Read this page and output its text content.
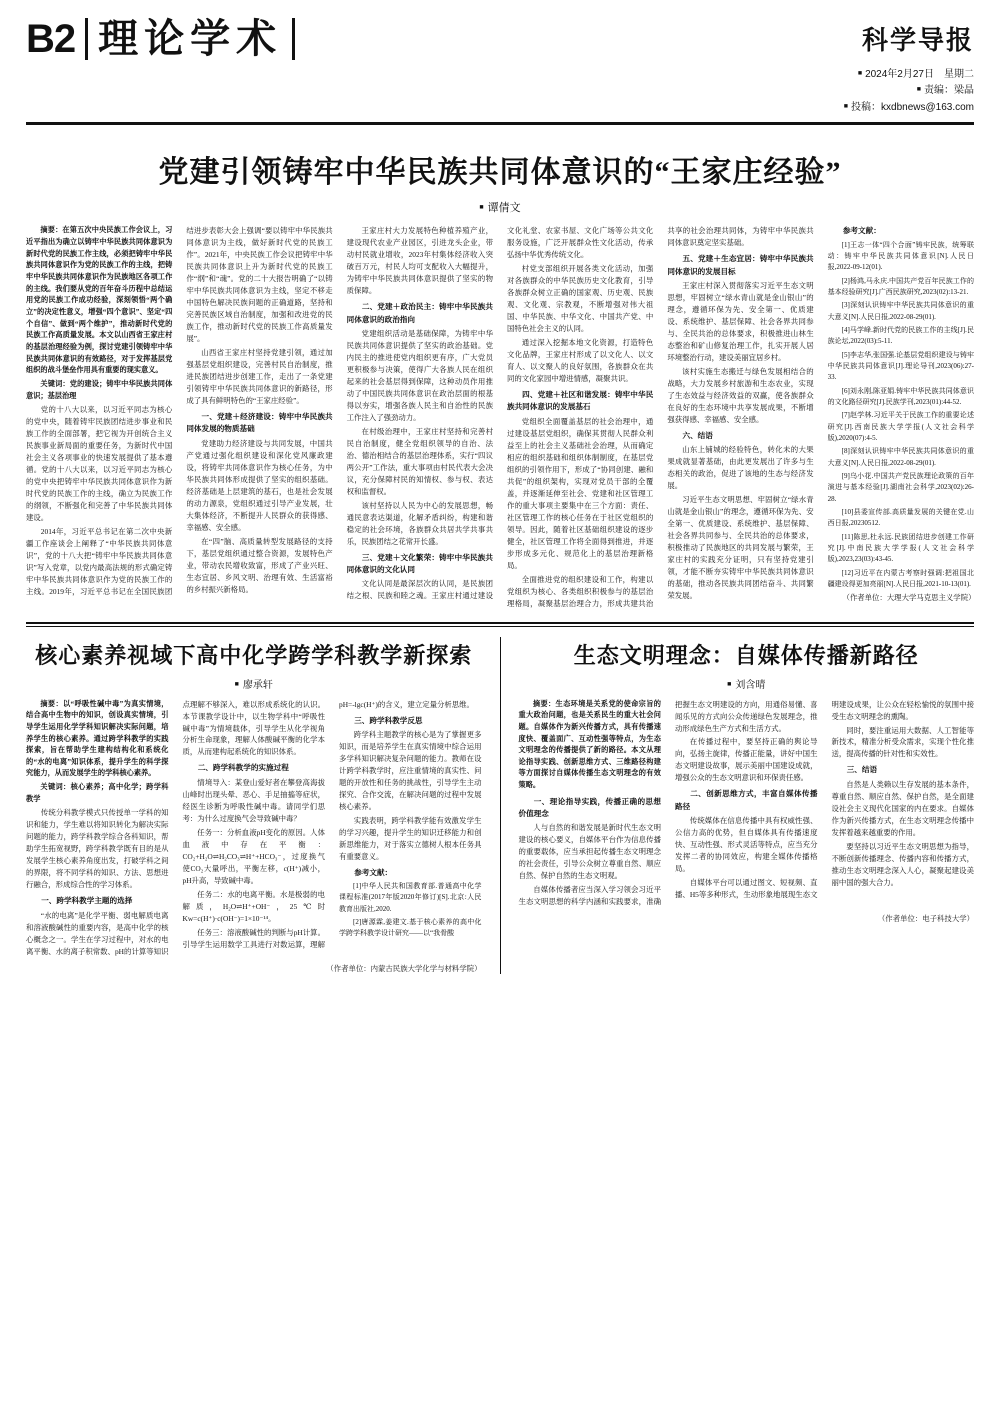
B2 理论学术	科学导报
■ 2024年2月27日　星期二
■ 责编：梁晶
■ 投稿：kxdbnews@163.com
党建引领铸牢中华民族共同体意识的“王家庄经验”
■ 谭倩文

摘要：在第五次中央民族工作会议上，习近平指出为确立以铸牢中华民族共同体意识为新时代党的民族工作主线，必须把铸牢中华民族共同体意识作为党的民族工作的主线，把铸牢中华民族共同体意识作为民族地区各项工作的主线。我们要从党的百年奋斗历程中总结运用党的民族工作成功经验，深刻领悟“两个确立”的决定性意义，增强“四个意识”、坚定“四个自信”、做到“两个维护”，推动新时代党的民族工作高质量发展。本文以山西省王家庄村的基层治理经验为例，探讨党建引领铸牢中华民族共同体意识的有效路径，对于发挥基层党组织的战斗堡垒作用具有重要的现实意义。

关键词：党的建设；铸牢中华民族共同体意识；基层治理

党的十八大以来，以习近平同志为核心的党中央，随着铸牢民族团结进步事业和民族工作的全面部署，把它视为开创统合主义民族事业新局面的重要任务，为新时代中国社会主义各项事业的快速发展提供了基本遵循。党的十八大以来，以习近平同志为核心的党中央把铸牢中华民族共同体意识作为新时代党的民族工作的主线，确立为民族工作的纲领，不断强化和完善了中华民族共同体建设。

2014年，习近平总书记在第二次中央新疆工作座谈会上阐释了“中华民族共同体意识”，党的十八大把“铸牢中华民族共同体意识”写入党章，以党内最高法规的形式确定铸牢中华民族共同体意识作为党的民族工作的主线。2019年，习近平总书记在全国民族团结进步表彰大会上强调“要以铸牢中华民族共同体意识为主线，做好新时代党的民族工作”。2021年，中央民族工作会议把铸牢中华民族共同体意识上升为新时代党的民族工作“纲”和“魂”。党的二十大报告明确了“以铸牢中华民族共同体意识为主线，坚定不移走中国特色解决民族问题的正确道路，坚持和完善民族区域自治制度，加强和改进党的民族工作，推动新时代党的民族工作高质量发展”。

山西省王家庄村坚持党建引领，通过加强基层党组织建设，完善村民自治制度，推进民族团结进步创建工作，走出了一条党建引领铸牢中华民族共同体意识的新路径，形成了具有鲜明特色的“王家庄经验”。

一、党建＋经济建设：铸牢中华民族共同体发展的物质基础

党建助力经济建设与共同发展，中国共产党通过强化组织建设和深化党风廉政建设，将铸牢共同体意识作为核心任务，为中华民族共同体形成提供了坚实的组织基础。经济基础是上层建筑的基石，也是社会发展的动力源泉，党组织通过引导产业发展，壮大集体经济，不断提升人民群众的获得感、幸福感、安全感。

在“四”脑、高质量转型发展路径的支持下，基层党组织通过整合资源，发展特色产业，带动农民增收致富，形成了产业兴旺、生态宜居、乡风文明、治理有效、生活富裕的乡村振兴新格局。

王家庄村大力发展特色种植养殖产业，建设现代农业产业园区，引进龙头企业，带动村民就业增收，2023年村集体经济收入突破百万元，村民人均可支配收入大幅提升，为铸牢中华民族共同体意识提供了坚实的物质保障。

二、党建＋政治民主：铸牢中华民族共同体意识的政治指向

党建组织活动是基础保障，为铸牢中华民族共同体意识提供了坚实的政治基础。党内民主的推进使党内组织更有序，广大党员更积极参与决策，使得广大各族人民在组织起来的社会基层得到保障，这种动员作用推动了中国民族共同体意识在政治层面的根基得以夯实，增强各族人民主和自治性的民族工作注入了强劲动力。

在村级治理中，王家庄村坚持和完善村民自治制度，健全党组织领导的自治、法治、德治相结合的基层治理体系，实行“四议两公开”工作法，重大事项由村民代表大会决议，充分保障村民的知情权、参与权、表达权和监督权。

该村坚持以人民为中心的发展思想，畅通民意表达渠道，化解矛盾纠纷，构建和谐稳定的社会环境，各族群众共居共学共事共乐，民族团结之花常开长盛。

三、党建＋文化繁荣：铸牢中华民族共同体意识的文化认同

文化认同是最深层次的认同，是民族团结之根、民族和睦之魂。王家庄村通过建设文化礼堂、农家书屋、文化广场等公共文化服务设施，广泛开展群众性文化活动，传承弘扬中华优秀传统文化。

村党支部组织开展各类文化活动，加强对各族群众的中华民族历史文化教育，引导各族群众树立正确的国家观、历史观、民族观、文化观、宗教观，不断增强对伟大祖国、中华民族、中华文化、中国共产党、中国特色社会主义的认同。

通过深入挖掘本地文化资源，打造特色文化品牌，王家庄村形成了以文化人、以文育人、以文聚人的良好氛围，各族群众在共同的文化家园中增进情感，凝聚共识。

四、党建＋社区和谐发展：铸牢中华民族共同体意识的发展基石

党组织全面覆盖基层的社会治理中，通过建设基层党组织，确保其贯彻人民群众利益至上的社会主义基础社会治理，从而确定相应的组织基础和组织体制制度，在基层党组织的引领作用下，形成了“协同创建、融和共促”的组织架构，实现对党员干部的全覆盖，并逐渐延伸至社会、党建和社区管理工作的重大事项主要集中在三个方面：责任、社区管理工作的核心任务在于社区党组织的领导。因此，随着社区基础组织建设的逐步健全，社区管理工作将全面得到推进，并逐步形成多元化、规范化上的基层治理新格局。

全面推进党的组织建设和工作，构建以党组织为核心、各类组织积极参与的基层治理格局，凝聚基层治理合力，形成共建共治共享的社会治理共同体，为铸牢中华民族共同体意识奠定坚实基础。

五、党建＋生态宜居：铸牢中华民族共同体意识的发展目标

王家庄村深入贯彻落实习近平生态文明思想，牢固树立“绿水青山就是金山银山”的理念，遵循环保为先、安全第一、优质建设、系统维护、基层保障、社会各界共同参与、全民共治的总体要求，积极推进山林生态整治和矿山修复治理工作，扎实开展人居环境整治行动，建设美丽宜居乡村。

该村实施生态搬迁与绿色发展相结合的战略，大力发展乡村旅游和生态农业，实现了生态效益与经济效益的双赢，使各族群众在良好的生态环境中共享发展成果，不断增强获得感、幸福感、安全感。

六、结语

山东上铺城的经验特色，转化未的大果果成就显著基础，由此更发展出了许多与生态相关的政治，促进了该地的生态与经济发展。

习近平生态文明思想、牢固树立“绿水青山就是金山银山”的理念，遵循环保为先、安全第一、优质建设、系统维护、基层保障、社会各界共同参与、全民共治的总体要求，积极推动了民族地区的共同发展与繁荣，王家庄村的实践充分证明，只有坚持党建引领，才能不断夯实铸牢中华民族共同体意识的基础，推动各民族共同团结奋斗、共同繁荣发展。

参考文献：

[1]王志一体“四个合面”铸牢民族，统筹联动：铸牢中华民族共同体意识[N].人民日报,2022-09-12(01).

[2]杨鸿,马永庆.中国共产党百年民族工作的基本经验研究[J].广西民族研究,2023(02):13-21.

[3]深刻认识铸牢中华民族共同体意识的重大意义[N].人民日报,2022-08-29(01).

[4]马学峰.新时代党的民族工作的主线[J].民族论坛,2022(03):5-11.

[5]李志华,张国强.论基层党组织建设与铸牢中华民族共同体意识[J].理论导刊,2023(06):27-33.

[6]刘永刚,陈亚娟.铸牢中华民族共同体意识的文化路径研究[J].民族学刊,2023(01):44-52.

[7]赵学林.习近平关于民族工作的重要论述研究[J].西南民族大学学报(人文社会科学版),2020(07):4-5.

[8]深刻认识铸牢中华民族共同体意识的重大意义[N].人民日报,2022-08-29(01).

[9]乌小花.中国共产党民族理论政策的百年演进与基本经验[J].湖南社会科学,2023(02):26-28.

[10]县委宣传部.高质量发展的关键在党.山西日报,20230512.

[11]陈思,杜永远.民族团结进步创建工作研究[J].中南民族大学学报(人文社会科学版),2023,23(03):43-45.

[12]习近平在内蒙古考察时强调:把祖国北疆建设得更加亮丽[N].人民日报,2021-10-13(01).

（作者单位：大理大学马克思主义学院）

核心素养视域下高中化学跨学科教学新探索
■ 廖承轩

摘要：以“呼吸性碱中毒”为真实情境，结合高中生物中的知识，创设真实情境，引导学生运用化学学科知识解决实际问题，培养学生的核心素养。通过跨学科教学的实践探索，旨在帮助学生建构结构化和系统化的“水的电离”知识体系，提升学生的科学探究能力，从而发展学生的学科核心素养。

关键词：核心素养；高中化学；跨学科教学

传统分科教学模式只传授单一学科的知识和能力，学生难以将知识转化为解决实际问题的能力，跨学科教学综合各科知识，帮助学生拓宽视野，跨学科教学既有目的是从发展学生核心素养角度出发，打破学科之间的界限，将不同学科的知识、方法、思想进行融合，形成综合性的学习体系。

一、跨学科教学主题的选择

“水的电离”是化学平衡、弱电解质电离和溶液酸碱性的重要内容，是高中化学的核心概念之一。学生在学习过程中，对水的电离平衡、水的离子积常数、pH的计算等知识点理解不够深入，难以形成系统化的认识。本节课教学设计中，以生物学科中“呼吸性碱中毒”为情境载体，引导学生从化学视角分析生命现象，理解人体酸碱平衡的化学本质，从而建构起系统化的知识体系。

二、跨学科教学的实施过程

情境导入：某登山爱好者在攀登高海拔山峰时出现头晕、恶心、手足抽搐等症状，经医生诊断为呼吸性碱中毒。请同学们思考：为什么过度换气会导致碱中毒？

任务一：分析血液pH变化的原因。人体血液中存在平衡：CO₂+H₂O⇌H₂CO₃⇌H⁺+HCO₃⁻，过度换气使CO₂大量呼出，平衡左移，c(H⁺)减小，pH升高，导致碱中毒。

任务二：水的电离平衡。水是极弱的电解质，H₂O⇌H⁺+OH⁻，25℃时Kw=c(H⁺)·c(OH⁻)=1×10⁻¹⁴。

任务三：溶液酸碱性的判断与pH计算。引导学生运用数学工具进行对数运算，理解pH=-lgc(H⁺)的含义，建立定量分析思维。

三、跨学科教学反思

跨学科主题教学的核心是为了掌握更多知识，而是培养学生在真实情境中综合运用多学科知识解决复杂问题的能力。教师在设计跨学科教学时，应注重情境的真实性、问题的开放性和任务的挑战性，引导学生主动探究、合作交流，在解决问题的过程中发展核心素养。

实践表明，跨学科教学能有效激发学生的学习兴趣，提升学生的知识迁移能力和创新思维能力，对于落实立德树人根本任务具有重要意义。

参考文献：

[1]中华人民共和国教育部.普通高中化学课程标准(2017年版2020年修订)[S].北京:人民教育出版社,2020.

[2]唐源霖,姜建文.基于核心素养的高中化学跨学科教学设计研究——以“我骨酸

（作者单位：内蒙古民族大学化学与材料学院）
生态文明理念：自媒体传播新路径
■ 刘含晴

摘要：生态环境是关系党的使命宗旨的重大政治问题，也是关系民生的重大社会问题。自媒体作为新兴传播方式，具有传播速度快、覆盖面广、互动性强等特点，为生态文明理念的传播提供了新的路径。本文从理论指导实践、创新思维方式、三维路径构建等方面探讨自媒体传播生态文明理念的有效策略。

一、理论指导实践，传播正确的思想价值理念

人与自然的和谐发展是新时代生态文明建设的核心要义，自媒体平台作为信息传播的重要载体，应当承担起传播生态文明理念的社会责任，引导公众树立尊重自然、顺应自然、保护自然的生态文明观。

自媒体传播者应当深入学习领会习近平生态文明思想的科学内涵和实践要求，准确把握生态文明建设的方向，用通俗易懂、喜闻乐见的方式向公众传递绿色发展理念，推动形成绿色生产方式和生活方式。

在传播过程中，要坚持正确的舆论导向，弘扬主旋律，传播正能量，讲好中国生态文明建设故事，展示美丽中国建设成就，增强公众的生态文明意识和环保责任感。

二、创新思维方式，丰富自媒体传播路径

传统媒体在信息传播中具有权威性强、公信力高的优势，但自媒体具有传播速度快、互动性强、形式灵活等特点，应当充分发挥二者的协同效应，构建全媒体传播格局。

自媒体平台可以通过图文、短视频、直播、H5等多种形式，生动形象地展现生态文明建设成果，让公众在轻松愉悦的氛围中接受生态文明理念的熏陶。

同时，要注重运用大数据、人工智能等新技术，精准分析受众需求，实现个性化推送，提高传播的针对性和实效性。

三、结语

自然是人类赖以生存发展的基本条件，尊重自然、顺应自然、保护自然，是全面建设社会主义现代化国家的内在要求。自媒体作为新兴传播方式，在生态文明理念传播中发挥着越来越重要的作用。

要坚持以习近平生态文明思想为指导，不断创新传播理念、传播内容和传播方式，推动生态文明理念深入人心，凝聚起建设美丽中国的强大合力。

（作者单位：电子科技大学）
